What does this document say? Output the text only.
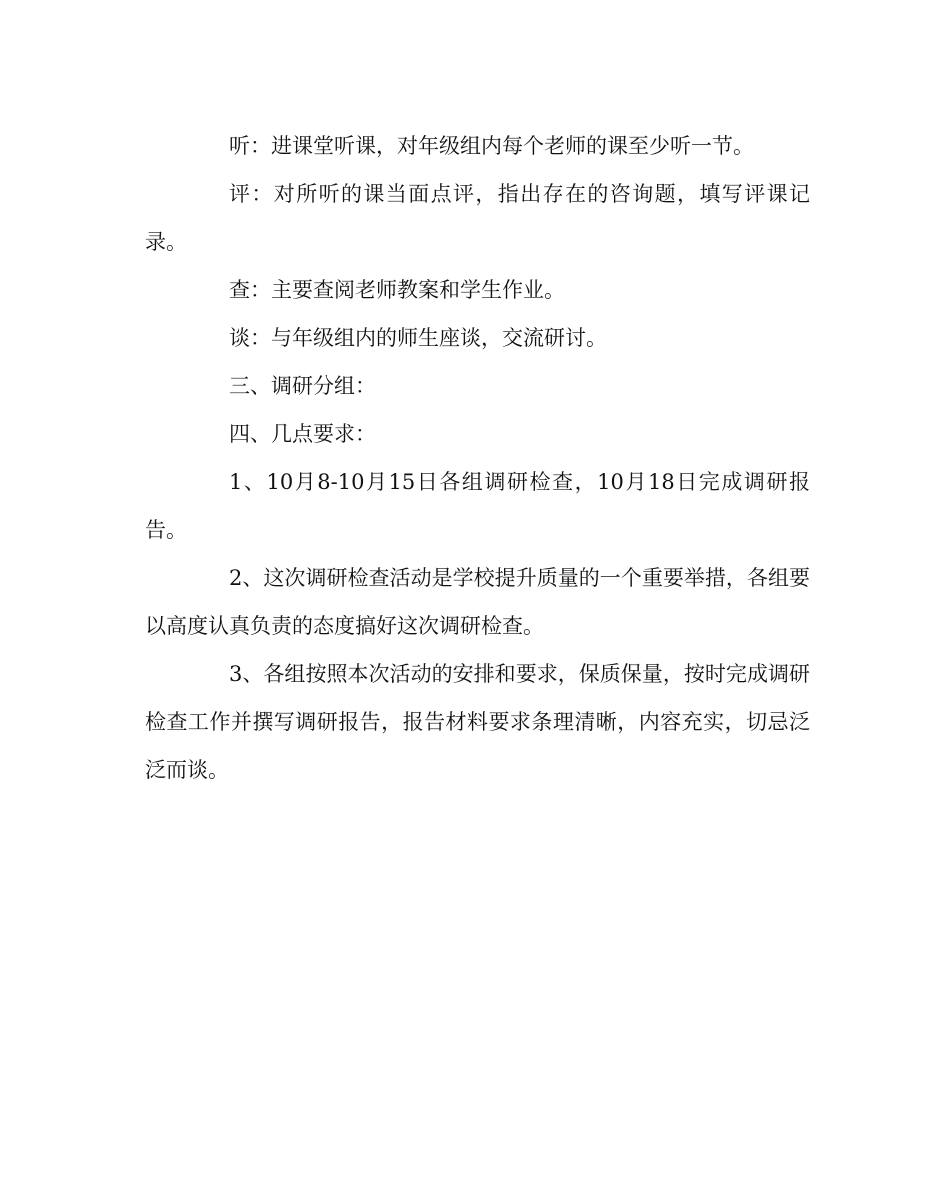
听：进课堂听课，对年级组内每个老师的课至少听一节。

评：对所听的课当面点评，指出存在的咨询题，填写评课记录。

查：主要查阅老师教案和学生作业。

谈：与年级组内的师生座谈，交流研讨。

三、调研分组：

四、几点要求：

1、10月8-10月15日各组调研检查，10月18日完成调研报告。

2、这次调研检查活动是学校提升质量的一个重要举措，各组要以高度认真负责的态度搞好这次调研检查。

3、各组按照本次活动的安排和要求，保质保量，按时完成调研检查工作并撰写调研报告，报告材料要求条理清晰，内容充实，切忌泛泛而谈。
